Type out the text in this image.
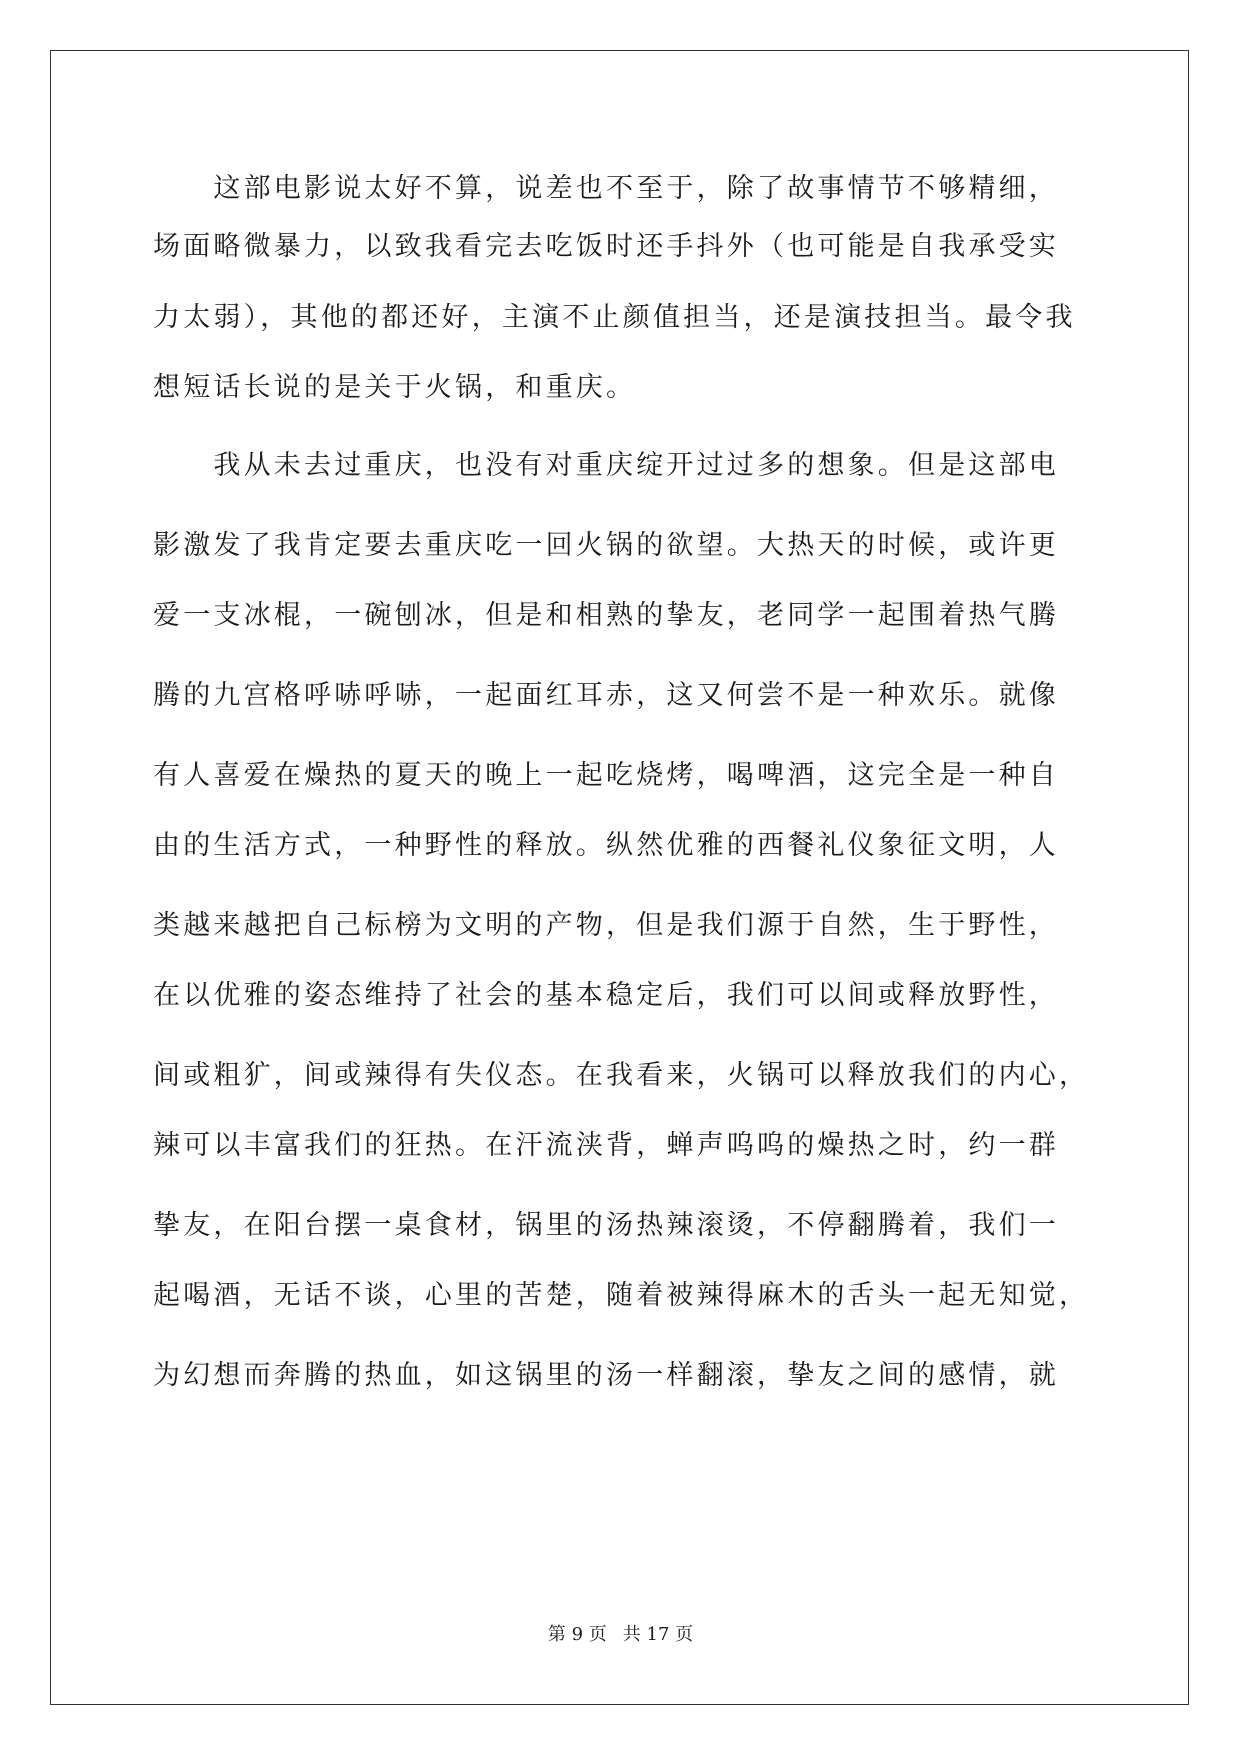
　　这部电影说太好不算，说差也不至于，除了故事情节不够精细，
场面略微暴力，以致我看完去吃饭时还手抖外（也可能是自我承受实
力太弱），其他的都还好，主演不止颜值担当，还是演技担当。最令我
想短话长说的是关于火锅，和重庆。
　　我从未去过重庆，也没有对重庆绽开过过多的想象。但是这部电
影激发了我肯定要去重庆吃一回火锅的欲望。大热天的时候，或许更
爱一支冰棍，一碗刨冰，但是和相熟的挚友，老同学一起围着热气腾
腾的九宫格呼哧呼哧，一起面红耳赤，这又何尝不是一种欢乐。就像
有人喜爱在燥热的夏天的晚上一起吃烧烤，喝啤酒，这完全是一种自
由的生活方式，一种野性的释放。纵然优雅的西餐礼仪象征文明，人
类越来越把自己标榜为文明的产物，但是我们源于自然，生于野性，
在以优雅的姿态维持了社会的基本稳定后，我们可以间或释放野性，
间或粗犷，间或辣得有失仪态。在我看来，火锅可以释放我们的内心，
辣可以丰富我们的狂热。在汗流浃背，蝉声呜呜的燥热之时，约一群
挚友，在阳台摆一桌食材，锅里的汤热辣滚烫，不停翻腾着，我们一
起喝酒，无话不谈，心里的苦楚，随着被辣得麻木的舌头一起无知觉，
为幻想而奔腾的热血，如这锅里的汤一样翻滚，挚友之间的感情，就
第 9 页 共 17 页
